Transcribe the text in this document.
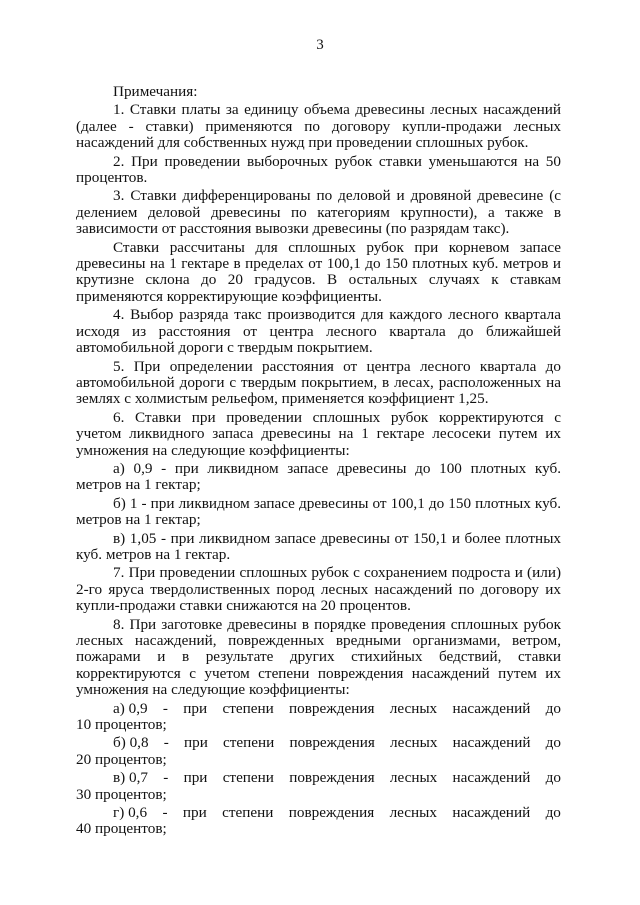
3
Примечания:
1. Ставки платы за единицу объема древесины лесных насаждений (далее - ставки) применяются по договору купли-продажи лесных насаждений для собственных нужд при проведении сплошных рубок.
2. При проведении выборочных рубок ставки уменьшаются на 50 процентов.
3. Ставки дифференцированы по деловой и дровяной древесине (с делением деловой древесины по категориям крупности), а также в зависимости от расстояния вывозки древесины (по разрядам такс).
Ставки рассчитаны для сплошных рубок при корневом запасе древесины на 1 гектаре в пределах от 100,1 до 150 плотных куб. метров и крутизне склона до 20 градусов. В остальных случаях к ставкам применяются корректирующие коэффициенты.
4. Выбор разряда такс производится для каждого лесного квартала исходя из расстояния от центра лесного квартала до ближайшей автомобильной дороги с твердым покрытием.
5. При определении расстояния от центра лесного квартала до автомобильной дороги с твердым покрытием, в лесах, расположенных на землях с холмистым рельефом, применяется коэффициент 1,25.
6. Ставки при проведении сплошных рубок корректируются с учетом ликвидного запаса древесины на 1 гектаре лесосеки путем их умножения на следующие коэффициенты:
а) 0,9 - при ликвидном запасе древесины до 100 плотных куб. метров на 1 гектар;
б) 1 - при ликвидном запасе древесины от 100,1 до 150 плотных куб. метров на 1 гектар;
в) 1,05 - при ликвидном запасе древесины от 150,1 и более плотных куб. метров на 1 гектар.
7. При проведении сплошных рубок с сохранением подроста и (или) 2-го яруса твердолиственных пород лесных насаждений по договору их купли-продажи ставки снижаются на 20 процентов.
8. При заготовке древесины в порядке проведения сплошных рубок лесных насаждений, поврежденных вредными организмами, ветром, пожарами и в результате других стихийных бедствий, ставки корректируются с учетом степени повреждения насаждений путем их умножения на следующие коэффициенты:
а) 0,9 - при степени повреждения лесных насаждений до
10 процентов;
б) 0,8 - при степени повреждения лесных насаждений до
20 процентов;
в) 0,7 - при степени повреждения лесных насаждений до
30 процентов;
г) 0,6 - при степени повреждения лесных насаждений до
40 процентов;
